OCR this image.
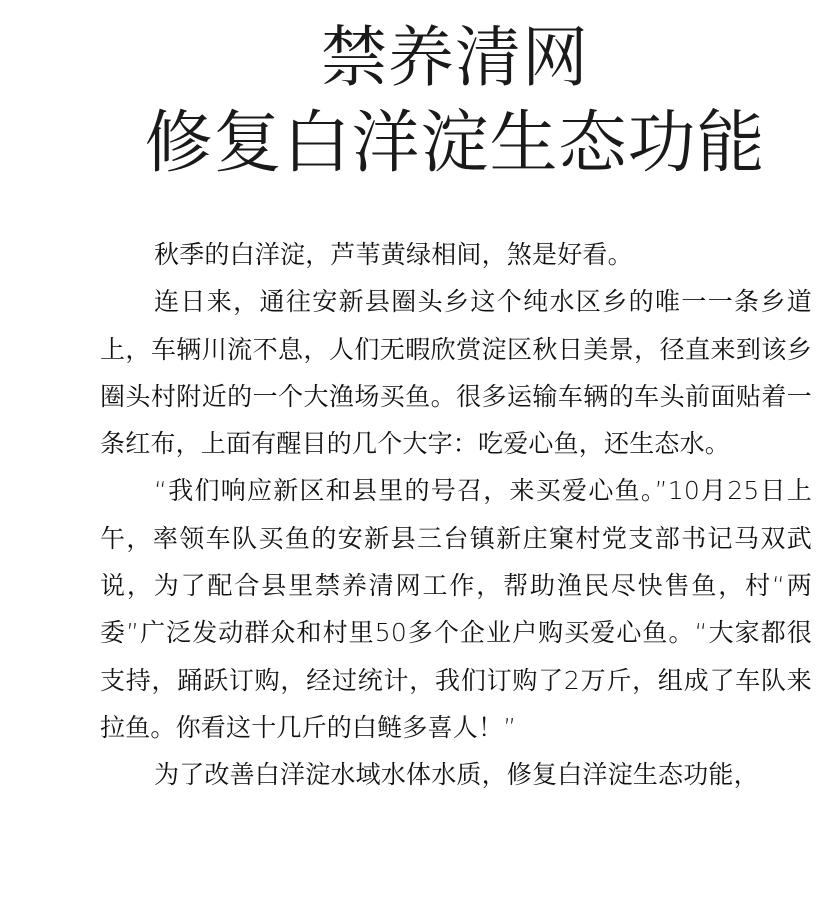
禁养清网
修复白洋淀生态功能

秋季的白洋淀，芦苇黄绿相间，煞是好看。

连日来，通往安新县圈头乡这个纯水区乡的唯一一条乡道上，车辆川流不息，人们无暇欣赏淀区秋日美景，径直来到该乡圈头村附近的一个大渔场买鱼。很多运输车辆的车头前面贴着一条红布，上面有醒目的几个大字：吃爱心鱼，还生态水。

“我们响应新区和县里的号召，来买爱心鱼。”10月25日上午，率领车队买鱼的安新县三台镇新庄窠村党支部书记马双武说，为了配合县里禁养清网工作，帮助渔民尽快售鱼，村“两委”广泛发动群众和村里50多个企业户购买爱心鱼。“大家都很支持，踊跃订购，经过统计，我们订购了2万斤，组成了车队来拉鱼。你看这十几斤的白鲢多喜人！”

为了改善白洋淀水域水体水质，修复白洋淀生态功能，
